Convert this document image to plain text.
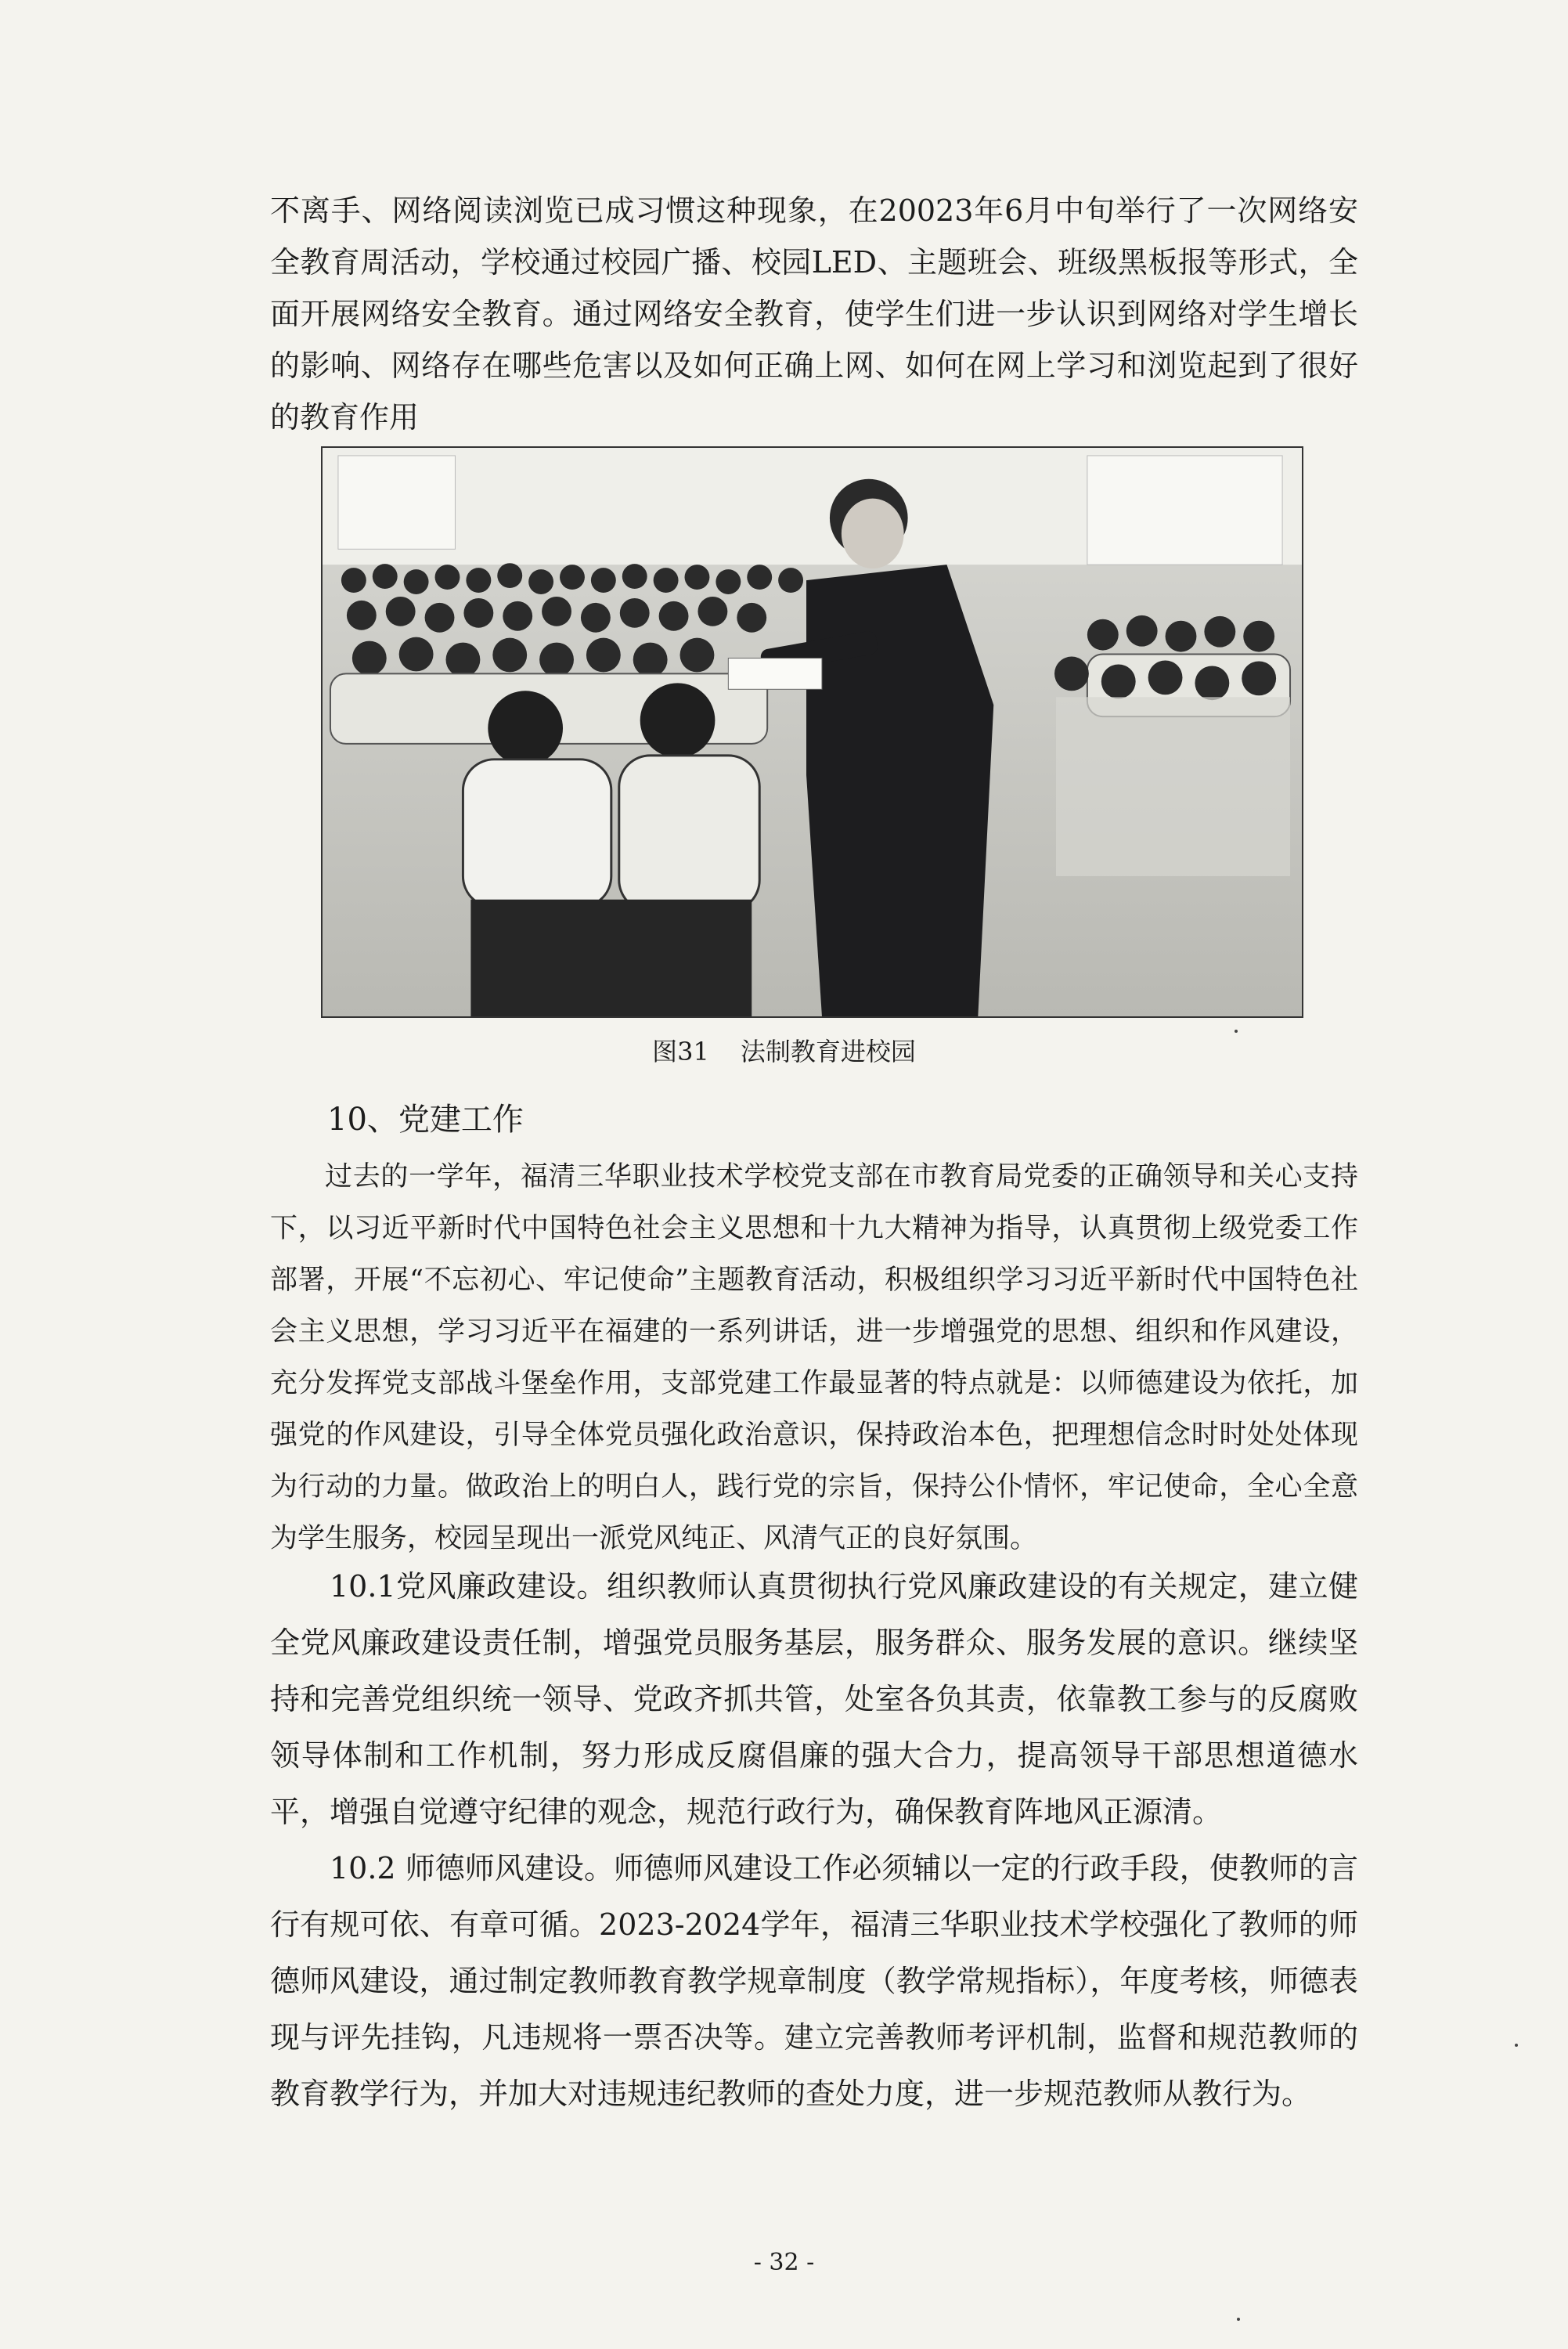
不离手、网络阅读浏览已成习惯这种现象，在20023年6月中旬举行了一次网络安全教育周活动，学校通过校园广播、校园LED、主题班会、班级黑板报等形式，全面开展网络安全教育。通过网络安全教育，使学生们进一步认识到网络对学生增长的影响、网络存在哪些危害以及如何正确上网、如何在网上学习和浏览起到了很好的教育作用

图31 法制教育进校园

10、党建工作

过去的一学年，福清三华职业技术学校党支部在市教育局党委的正确领导和关心支持下，以习近平新时代中国特色社会主义思想和十九大精神为指导，认真贯彻上级党委工作部署，开展“不忘初心、牢记使命”主题教育活动，积极组织学习习近平新时代中国特色社会主义思想，学习习近平在福建的一系列讲话，进一步增强党的思想、组织和作风建设，充分发挥党支部战斗堡垒作用，支部党建工作最显著的特点就是：以师德建设为依托，加强党的作风建设，引导全体党员强化政治意识，保持政治本色，把理想信念时时处处体现为行动的力量。做政治上的明白人，践行党的宗旨，保持公仆情怀，牢记使命，全心全意为学生服务，校园呈现出一派党风纯正、风清气正的良好氛围。

10.1党风廉政建设。组织教师认真贯彻执行党风廉政建设的有关规定，建立健全党风廉政建设责任制，增强党员服务基层，服务群众、服务发展的意识。继续坚持和完善党组织统一领导、党政齐抓共管，处室各负其责，依靠教工参与的反腐败领导体制和工作机制，努力形成反腐倡廉的强大合力，提高领导干部思想道德水平，增强自觉遵守纪律的观念，规范行政行为，确保教育阵地风正源清。

10.2 师德师风建设。师德师风建设工作必须辅以一定的行政手段，使教师的言行有规可依、有章可循。2023-2024学年，福清三华职业技术学校强化了教师的师德师风建设，通过制定教师教育教学规章制度（教学常规指标），年度考核，师德表现与评先挂钩，凡违规将一票否决等。建立完善教师考评机制，监督和规范教师的教育教学行为，并加大对违规违纪教师的查处力度，进一步规范教师从教行为。

- 32 -
